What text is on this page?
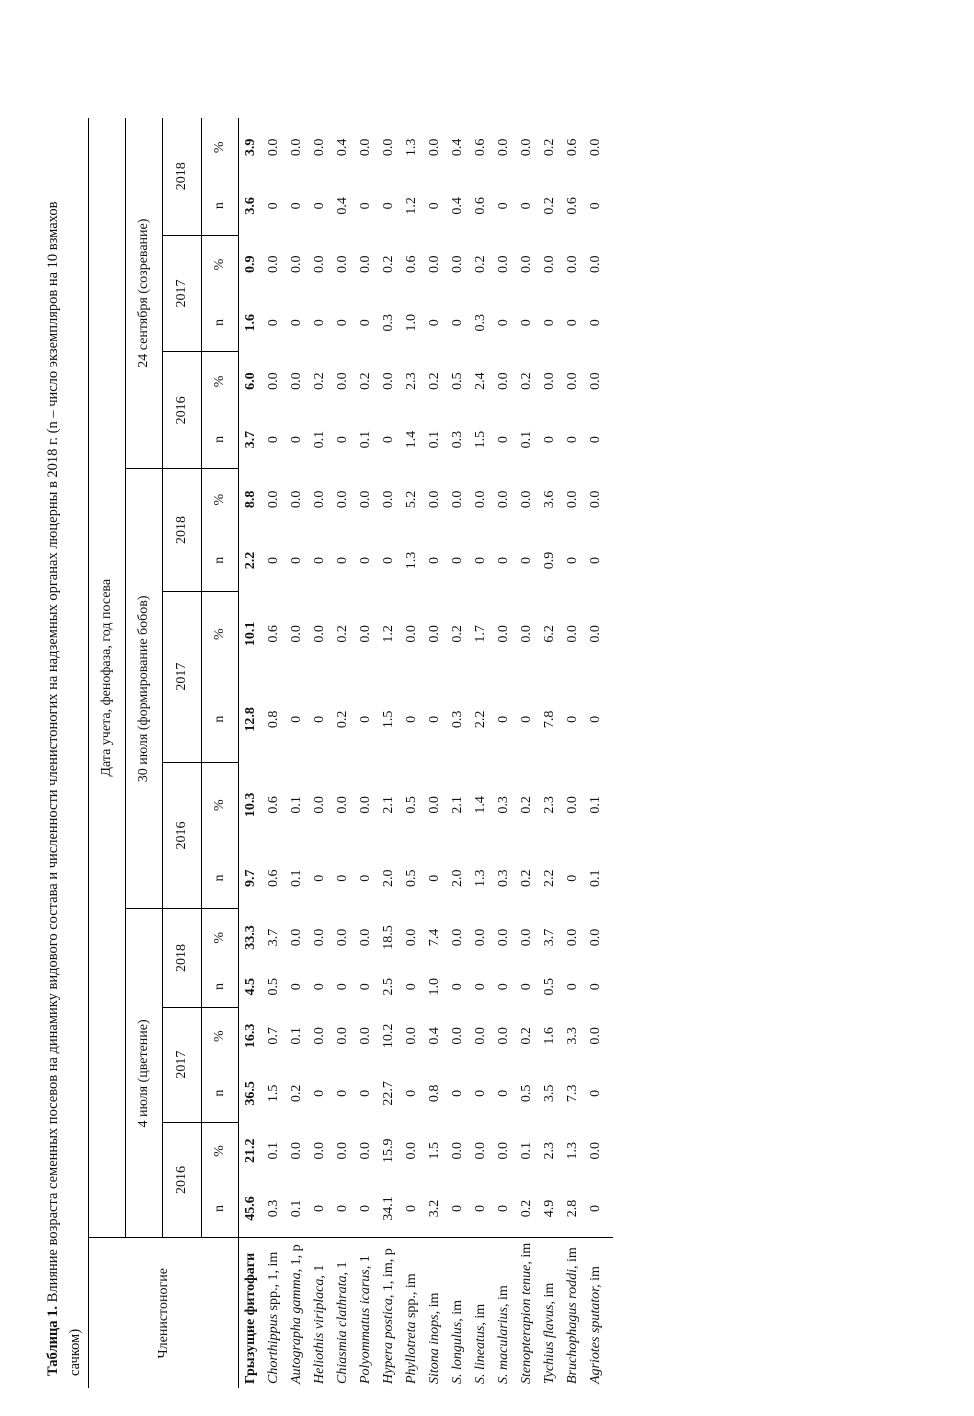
Таблица 1. Влияние возраста семенных посевов на динамику видового состава и численности членистоногих на надземных органах люцерны в 2018 г. (n – число экземпляров на 10 взмахов сачком)	Членистоногие	Дата учета, фенофаза, год посева																	
	4 июля (цветение)						30 июля (формирование бобов)						24 сентября (созревание)					
	2016		2017		2018		2016		2017		2018		2016		2017		2018	
	n	%	n	%	n	%	n	%	n	%	n	%	n	%	n	%	n	%
Грызущие фитофаги	45.6	21.2	36.5	16.3	4.5	33.3	9.7	10.3	12.8	10.1	2.2	8.8	3.7	6.0	1.6	0.9	3.6	3.9
Chorthippus spp., 1, im	0.3	0.1	1.5	0.7	0.5	3.7	0.6	0.6	0.8	0.6	0	0.0	0	0.0	0	0.0	0	0.0
Autographa gamma, 1, p	0.1	0.0	0.2	0.1	0	0.0	0.1	0.1	0	0.0	0	0.0	0	0.0	0	0.0	0	0.0
Heliothis viriplaca, 1	0	0.0	0	0.0	0	0.0	0	0.0	0	0.0	0	0.0	0.1	0.2	0	0.0	0	0.0
Chiasmia clathrata, 1	0	0.0	0	0.0	0	0.0	0	0.0	0.2	0.2	0	0.0	0	0.0	0	0.0	0.4	0.4
Polyommatus icarus, 1	0	0.0	0	0.0	0	0.0	0	0.0	0	0.0	0	0.0	0.1	0.2	0	0.0	0	0.0
Hypera postica, 1, im, p	34.1	15.9	22.7	10.2	2.5	18.5	2.0	2.1	1.5	1.2	0	0.0	0	0.0	0.3	0.2	0	0.0
Phyllotreta spp., im	0	0.0	0	0.0	0	0.0	0.5	0.5	0	0.0	1.3	5.2	1.4	2.3	1.0	0.6	1.2	1.3
Sitona inops, im	3.2	1.5	0.8	0.4	1.0	7.4	0	0.0	0	0.0	0	0.0	0.1	0.2	0	0.0	0	0.0
S. longulus, im	0	0.0	0	0.0	0	0.0	2.0	2.1	0.3	0.2	0	0.0	0.3	0.5	0	0.0	0.4	0.4
S. lineatus, im	0	0.0	0	0.0	0	0.0	1.3	1.4	2.2	1.7	0	0.0	1.5	2.4	0.3	0.2	0.6	0.6
S. macularius, im	0	0.0	0	0.0	0	0.0	0.3	0.3	0	0.0	0	0.0	0	0.0	0	0.0	0	0.0
Stenopterapion tenue, im	0.2	0.1	0.5	0.2	0	0.0	0.2	0.2	0	0.0	0	0.0	0.1	0.2	0	0.0	0	0.0
Tychius flavus, im	4.9	2.3	3.5	1.6	0.5	3.7	2.2	2.3	7.8	6.2	0.9	3.6	0	0.0	0	0.0	0.2	0.2
Bruchophagus roddi, im	2.8	1.3	7.3	3.3	0	0.0	0	0.0	0	0.0	0	0.0	0	0.0	0	0.0	0.6	0.6
Agriotes sputator, im	0	0.0	0	0.0	0	0.0	0.1	0.1	0	0.0	0	0.0	0	0.0	0	0.0	0	0.0
